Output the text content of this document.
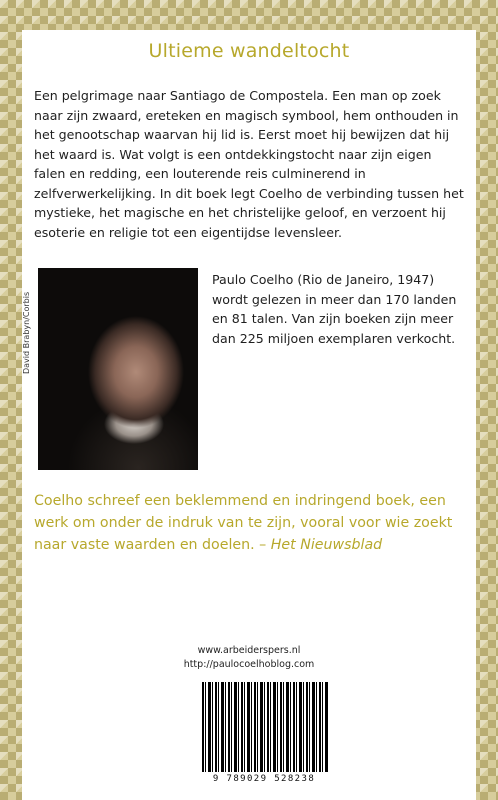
Ultieme wandeltocht

Een pelgrimage naar Santiago de Compostela. Een man op zoek naar zijn zwaard, ereteken en magisch symbool, hem onthouden in het genootschap waarvan hij lid is. Eerst moet hij bewijzen dat hij het waard is. Wat volgt is een ontdekkingstocht naar zijn eigen falen en redding, een louterende reis culminerend in zelfverwerkelijking. In dit boek legt Coelho de verbinding tussen het mystieke, het magische en het christelijke geloof, en verzoent hij esoterie en religie tot een eigentijdse levensleer.

David Brabyn/Corbis

Paulo Coelho (Rio de Janeiro, 1947) wordt gelezen in meer dan 170 landen en 81 talen. Van zijn boeken zijn meer dan 225 miljoen exemplaren verkocht.

Coelho schreef een beklemmend en indringend boek, een werk om onder de indruk van te zijn, vooral voor wie zoekt naar vaste waarden en doelen. – Het Nieuwsblad

www.arbeiderspers.nl
http://paulocoelhoblog.com
9 789029 528238
